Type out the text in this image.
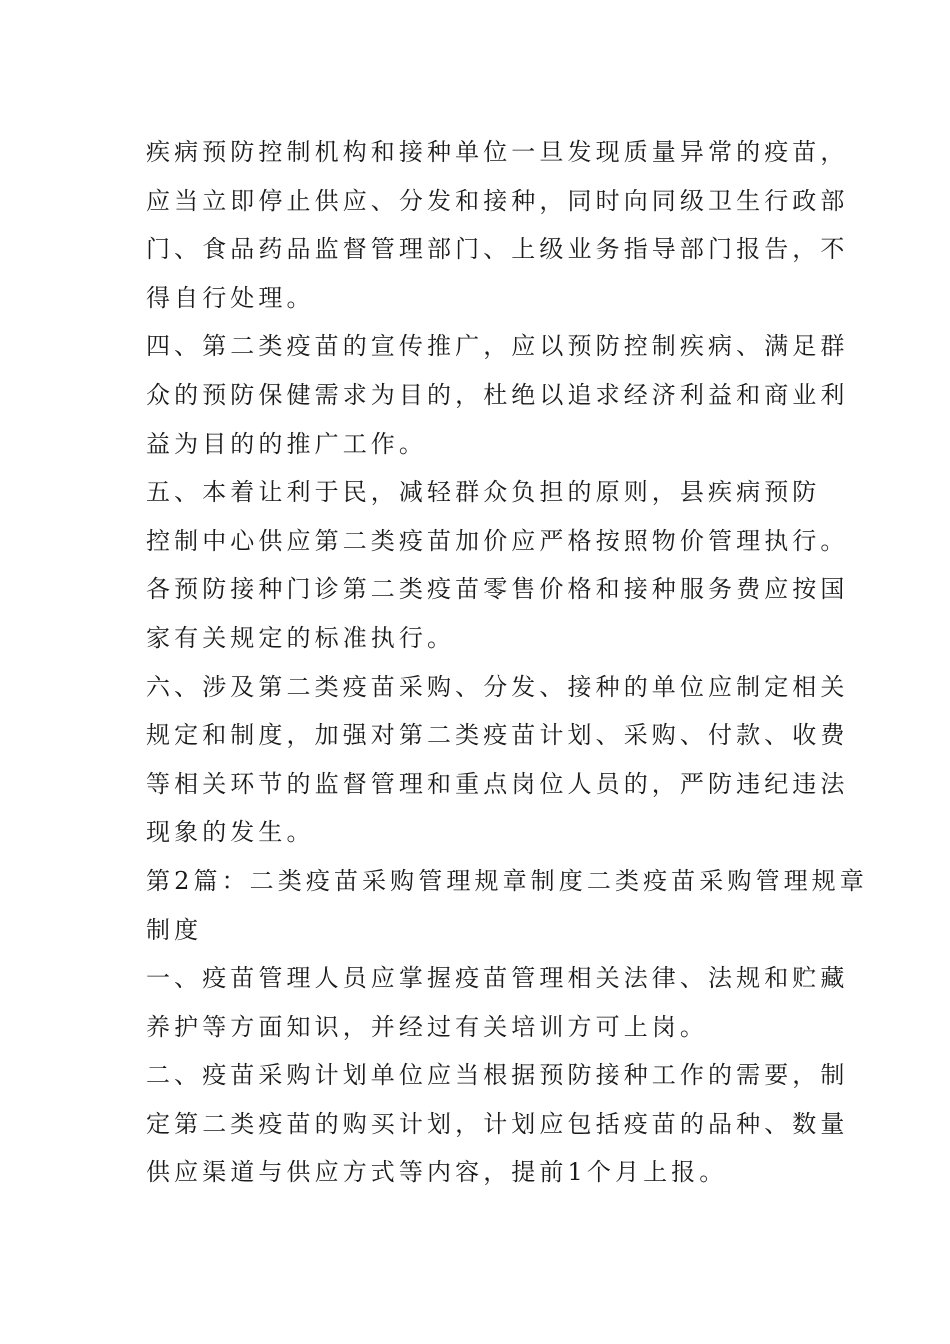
疾病预防控制机构和接种单位一旦发现质量异常的疫苗，
应当立即停止供应、分发和接种，同时向同级卫生行政部
门、食品药品监督管理部门、上级业务指导部门报告，不
得自行处理。
四、第二类疫苗的宣传推广，应以预防控制疾病、满足群
众的预防保健需求为目的，杜绝以追求经济利益和商业利
益为目的的推广工作。
五、本着让利于民，减轻群众负担的原则，县疾病预防
控制中心供应第二类疫苗加价应严格按照物价管理执行。
各预防接种门诊第二类疫苗零售价格和接种服务费应按国
家有关规定的标准执行。
六、涉及第二类疫苗采购、分发、接种的单位应制定相关
规定和制度，加强对第二类疫苗计划、采购、付款、收费
等相关环节的监督管理和重点岗位人员的，严防违纪违法
现象的发生。
第2篇：二类疫苗采购管理规章制度二类疫苗采购管理规章
制度
一、疫苗管理人员应掌握疫苗管理相关法律、法规和贮藏
养护等方面知识，并经过有关培训方可上岗。
二、疫苗采购计划单位应当根据预防接种工作的需要，制
定第二类疫苗的购买计划，计划应包括疫苗的品种、数量
供应渠道与供应方式等内容，提前1个月上报。
